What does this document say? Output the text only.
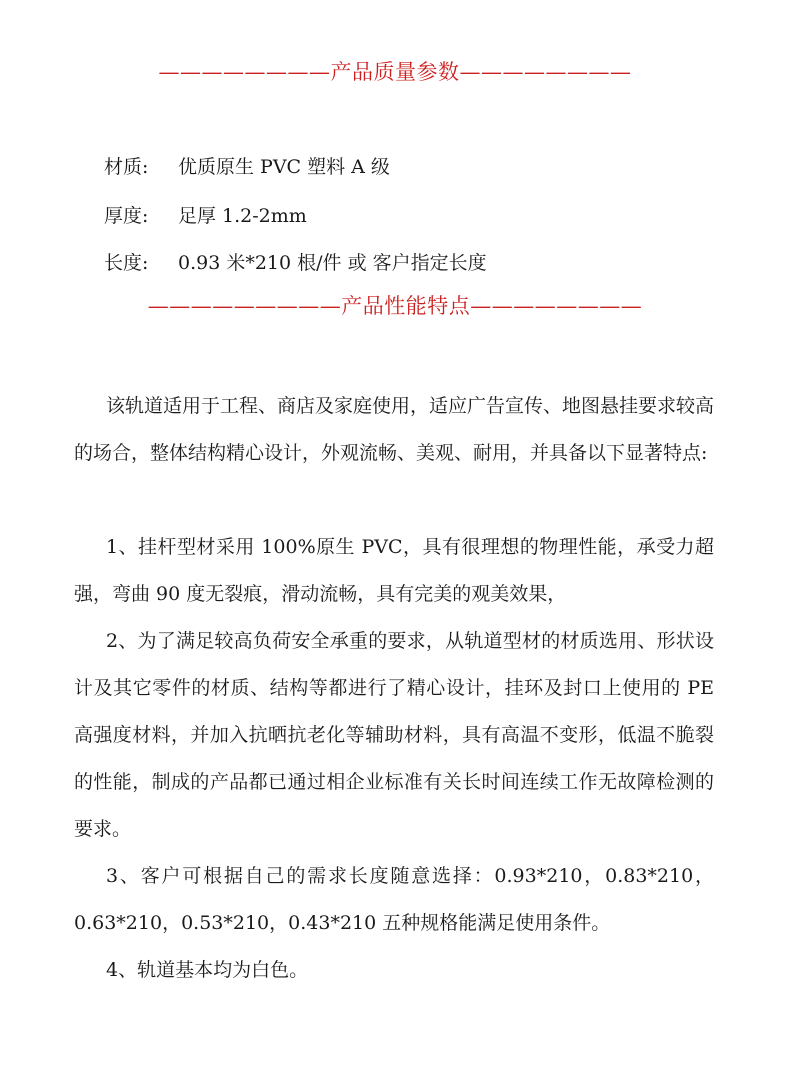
————————产品质量参数————————
材质: 优质原生 PVC 塑料 A 级
厚度: 足厚 1.2-2mm
长度: 0.93 米*210 根/件 或 客户指定长度
—————————产品性能特点————————

该轨道适用于工程、商店及家庭使用，适应广告宣传、地图悬挂要求较高的场合，整体结构精心设计，外观流畅、美观、耐用，并具备以下显著特点:

1、挂杆型材采用 100%原生 PVC，具有很理想的物理性能，承受力超强，弯曲 90 度无裂痕，滑动流畅，具有完美的观美效果，

2、为了满足较高负荷安全承重的要求，从轨道型材的材质选用、形状设计及其它零件的材质、结构等都进行了精心设计，挂环及封口上使用的 PE 高强度材料，并加入抗晒抗老化等辅助材料，具有高温不变形，低温不脆裂的性能，制成的产品都已通过相企业标准有关长时间连续工作无故障检测的要求。

3、客户可根据自己的需求长度随意选择：0.93*210，0.83*210，0.63*210，0.53*210，0.43*210 五种规格能满足使用条件。

4、轨道基本均为白色。
